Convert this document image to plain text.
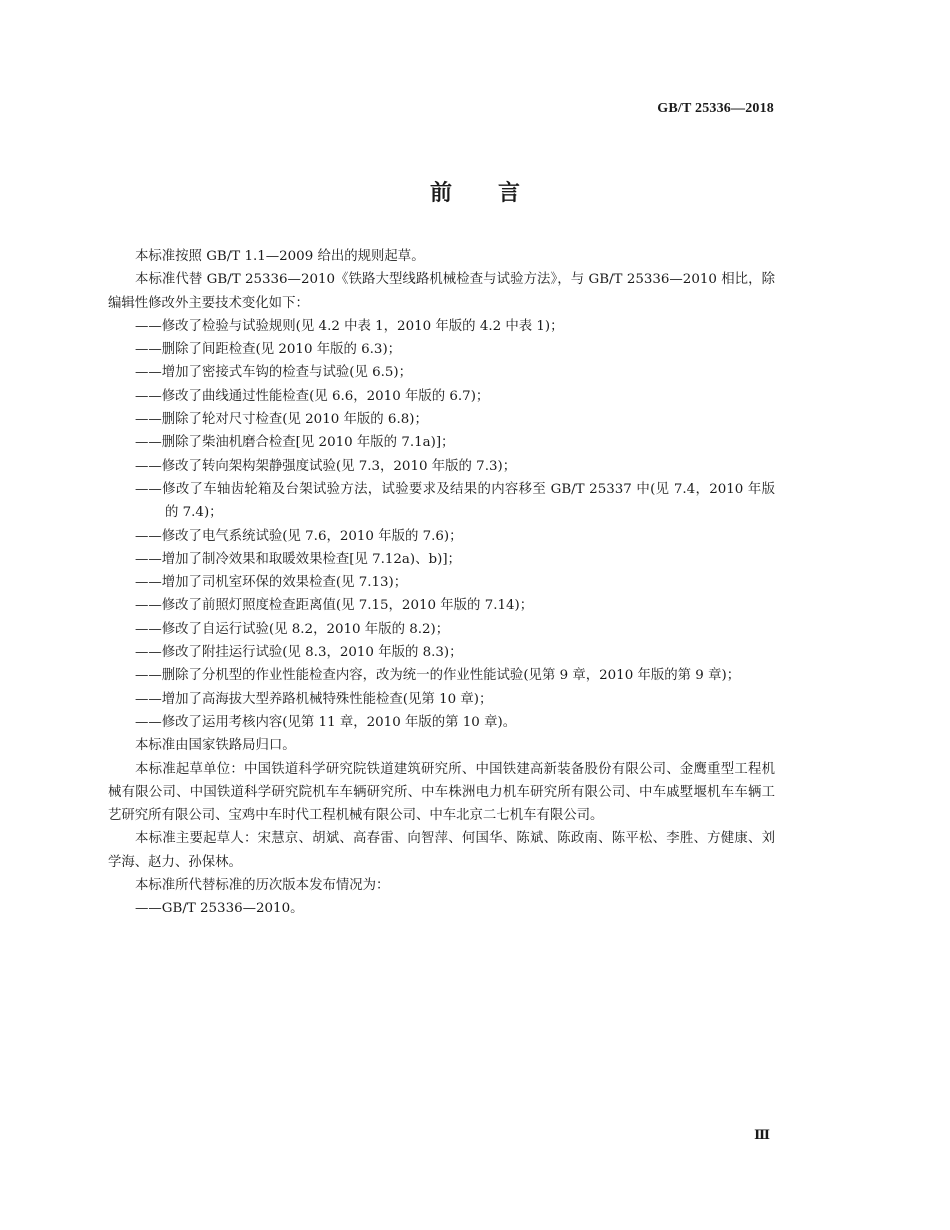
GB/T 25336—2018
前 言
本标准按照 GB/T 1.1—2009 给出的规则起草。
本标准代替 GB/T 25336—2010《铁路大型线路机械检查与试验方法》，与 GB/T 25336—2010 相比，除编辑性修改外主要技术变化如下：
——修改了检验与试验规则(见 4.2 中表 1，2010 年版的 4.2 中表 1)；
——删除了间距检查(见 2010 年版的 6.3)；
——增加了密接式车钩的检查与试验(见 6.5)；
——修改了曲线通过性能检查(见 6.6，2010 年版的 6.7)；
——删除了轮对尺寸检查(见 2010 年版的 6.8)；
——删除了柴油机磨合检查[见 2010 年版的 7.1a)]；
——修改了转向架构架静强度试验(见 7.3，2010 年版的 7.3)；
——修改了车轴齿轮箱及台架试验方法，试验要求及结果的内容移至 GB/T 25337 中(见 7.4，2010 年版的 7.4)；
——修改了电气系统试验(见 7.6，2010 年版的 7.6)；
——增加了制冷效果和取暖效果检查[见 7.12a)、b)]；
——增加了司机室环保的效果检查(见 7.13)；
——修改了前照灯照度检查距离值(见 7.15，2010 年版的 7.14)；
——修改了自运行试验(见 8.2，2010 年版的 8.2)；
——修改了附挂运行试验(见 8.3，2010 年版的 8.3)；
——删除了分机型的作业性能检查内容，改为统一的作业性能试验(见第 9 章，2010 年版的第 9 章)；
——增加了高海拔大型养路机械特殊性能检查(见第 10 章)；
——修改了运用考核内容(见第 11 章，2010 年版的第 10 章)。
本标准由国家铁路局归口。
本标准起草单位：中国铁道科学研究院铁道建筑研究所、中国铁建高新装备股份有限公司、金鹰重型工程机械有限公司、中国铁道科学研究院机车车辆研究所、中车株洲电力机车研究所有限公司、中车戚墅堰机车车辆工艺研究所有限公司、宝鸡中车时代工程机械有限公司、中车北京二七机车有限公司。
本标准主要起草人：宋慧京、胡斌、高春雷、向智萍、何国华、陈斌、陈政南、陈平松、李胜、方健康、刘学海、赵力、孙保林。
本标准所代替标准的历次版本发布情况为：
——GB/T 25336—2010。
Ⅲ
